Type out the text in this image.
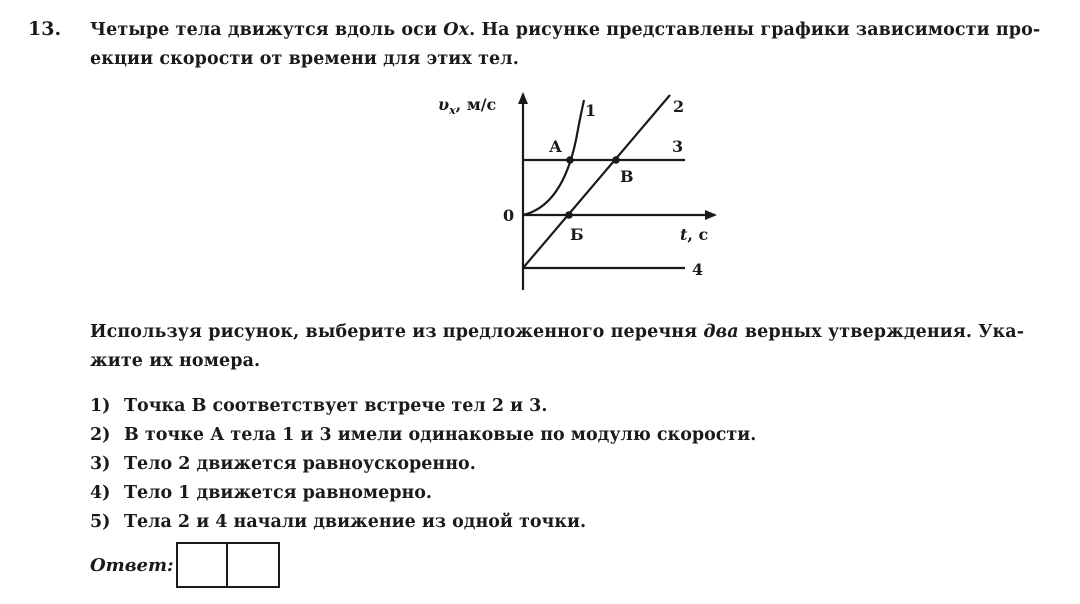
13. Четыре тела движутся вдоль оси Ox. На рисунке представлены графики зависимости про-
екции скорости от времени для этих тел.
$\upsilon_x$, м/с
0
t, с
1	2
3
4
А
В
Б
Используя рисунок, выберите из предложенного перечня два верных утверждения. Ука-
жите их номера.
1) Точка В соответствует встрече тел 2 и 3.
2) В точке А тела 1 и 3 имели одинаковые по модулю скорости.
3) Тело 2 движется равноускоренно.
4) Тело 1 движется равномерно.
5) Тела 2 и 4 начали движение из одной точки.
Ответ:
